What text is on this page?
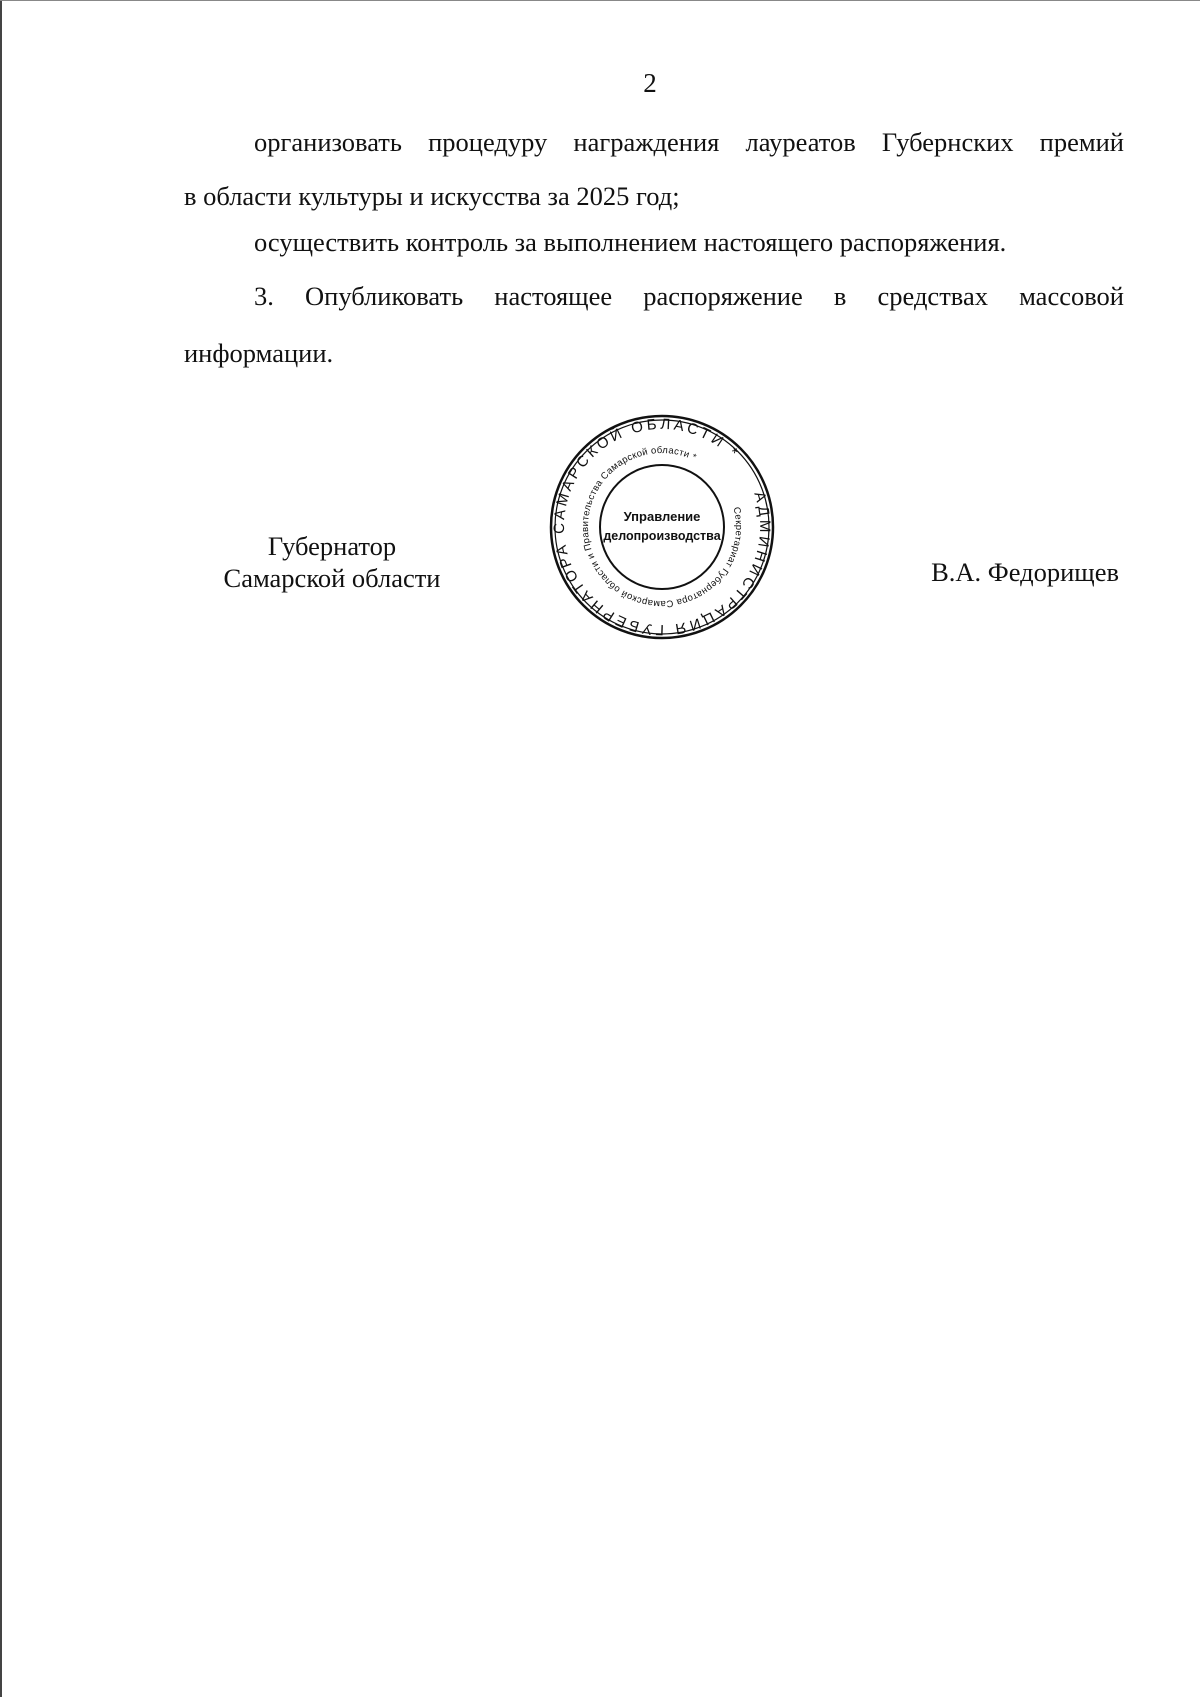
2
организовать процедуру награждения лауреатов Губернских премий
в области культуры и искусства за 2025 год;
осуществить контроль за выполнением настоящего распоряжения.
3. Опубликовать настоящее распоряжение в средствах массовой
информации.
Губернатор
Самарской области	В.А. Федорищев
АДМИНИСТРАЦИЯ ГУБЕРНАТОРА САМАРСКОЙ ОБЛАСТИ *
Секретариат Губернатора Самарской области и Правительства Самарской области *
Управление
делопроизводства
